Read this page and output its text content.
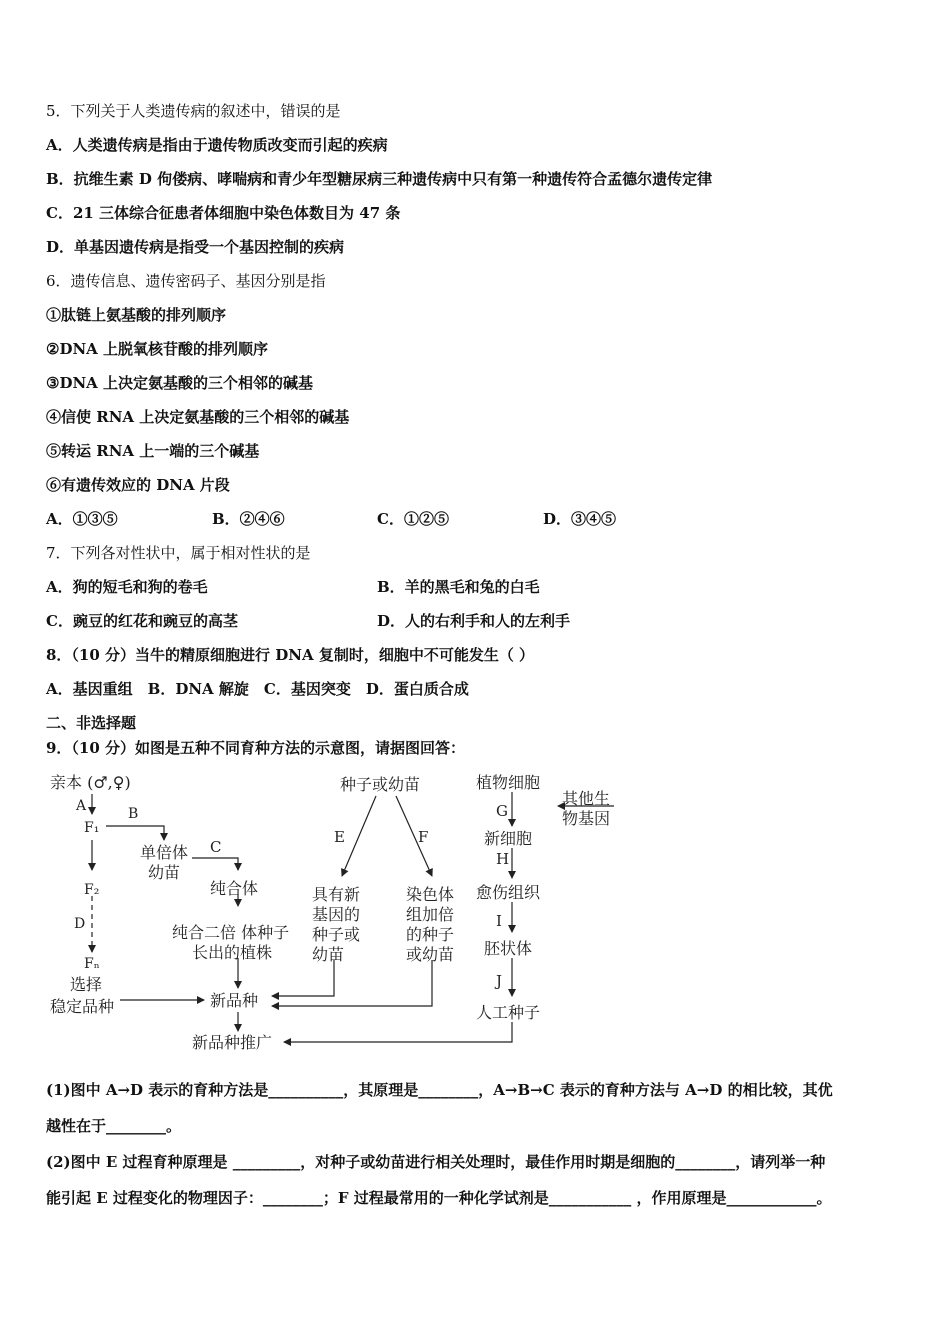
5．下列关于人类遗传病的叙述中，错误的是
A．人类遗传病是指由于遗传物质改变而引起的疾病
B．抗维生素 D 佝偻病、哮喘病和青少年型糖尿病三种遗传病中只有第一种遗传符合孟德尔遗传定律
C．21 三体综合征患者体细胞中染色体数目为 47 条
D．单基因遗传病是指受一个基因控制的疾病
6．遗传信息、遗传密码子、基因分别是指
①肽链上氨基酸的排列顺序
②DNA 上脱氧核苷酸的排列顺序
③DNA 上决定氨基酸的三个相邻的碱基
④信使 RNA 上决定氨基酸的三个相邻的碱基
⑤转运 RNA 上一端的三个碱基
⑥有遗传效应的 DNA 片段
A．①③⑤	B．②④⑥	C．①②⑤	D．③④⑤
7．下列各对性状中，属于相对性状的是
A．狗的短毛和狗的卷毛	B．羊的黑毛和兔的白毛
C．豌豆的红花和豌豆的高茎	D．人的右利手和人的左利手
8．（10 分）当牛的精原细胞进行 DNA 复制时，细胞中不可能发生（ ）
A．基因重组　B．DNA 解旋　C．基因突变　D．蛋白质合成
二、非选择题
9．（10 分）如图是五种不同育种方法的示意图，请据图回答：
亲本 (♂,♀)
A	B
F₁
单倍体
幼苗
C
纯合体
F₂
D
Fₙ
选择
稳定品种
纯合二倍 体种子
长出的植株
新品种
新品种推广
种子或幼苗
E	F
具有新
基因的
种子或
幼苗
染色体
组加倍
的种子
或幼苗
植物细胞
其他生
物基因
G
新细胞
H
愈伤组织
I
胚状体
J
人工种子
(1)图中 A→D 表示的育种方法是__________，其原理是________，A→B→C 表示的育种方法与 A→D 的相比较，其优
越性在于________。
(2)图中 E 过程育种原理是 _________，对种子或幼苗进行相关处理时，最佳作用时期是细胞的________，请列举一种
能引起 E 过程变化的物理因子：________；F 过程最常用的一种化学试剂是___________ ，作用原理是____________。
